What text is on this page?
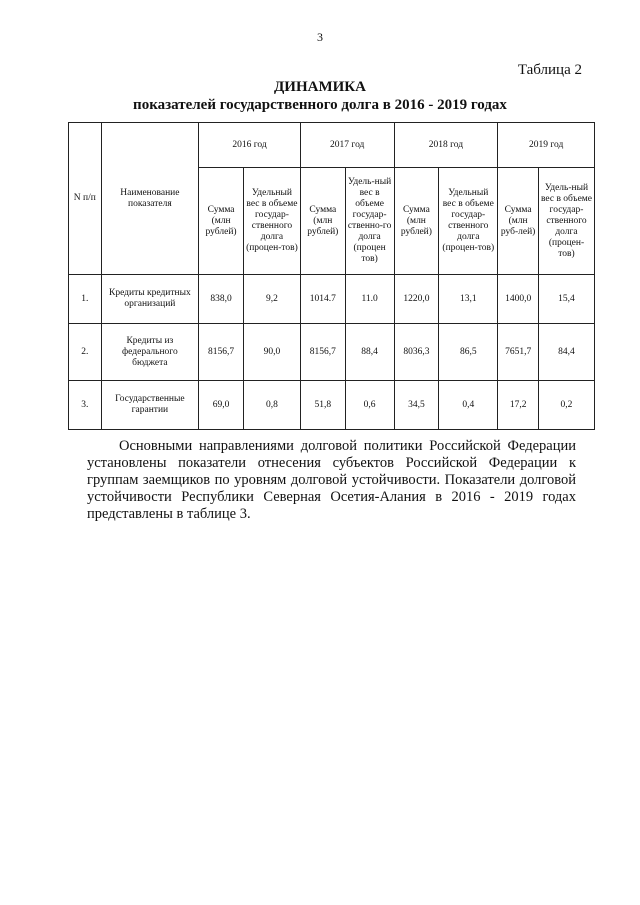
3
Таблица 2
ДИНАМИКА
показателей государственного долга в 2016 - 2019 годах
N п/п	Наименование показателя	2016 год		2017 год		2018 год		2019 год	
		Сумма (млн рублей)	Удельный вес в объеме государ-ственного долга (процен-тов)	Сумма (млн рублей)	Удель-ный вес в объеме государ-ственно-го долга (процен тов)	Сумма (млн рублей)	Удельный вес в объеме государ-ственного долга (процен-тов)	Сумма (млн руб-лей)	Удель-ный вес в объеме государ-ственного долга (процен-тов)
1.	Кредиты кредитных организаций	838,0	9,2	1014.7	11.0	1220,0	13,1	1400,0	15,4
2.	Кредиты из федерального бюджета	8156,7	90,0	8156,7	88,4	8036,3	86,5	7651,7	84,4
3.	Государственные гарантии	69,0	0,8	51,8	0,6	34,5	0,4	17,2	0,2

Основными направлениями долговой политики Российской Федерации установлены показатели отнесения субъектов Российской Федерации к группам заемщиков по уровням долговой устойчивости. Показатели долговой устойчивости Республики Северная Осетия-Алания в 2016 - 2019 годах представлены в таблице 3.
